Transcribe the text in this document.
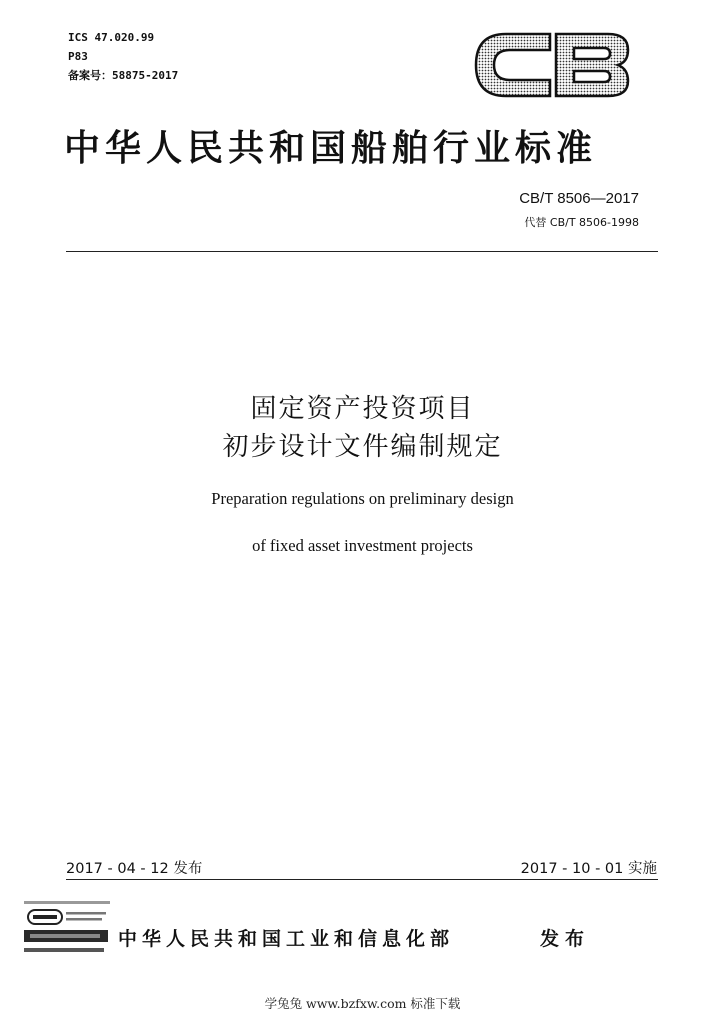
ICS 47.020.99
P83
备案号：58875-2017
中华人民共和国船舶行业标准
CB/T 8506—2017
代替 CB/T 8506-1998
固定资产投资项目
初步设计文件编制规定
Preparation regulations on preliminary design
of fixed asset investment projects
2017 - 04 - 12 发布	2017 - 10 - 01 实施
中华人民共和国工业和信息化部	发布
学兔兔 www.bzfxw.com 标准下载
